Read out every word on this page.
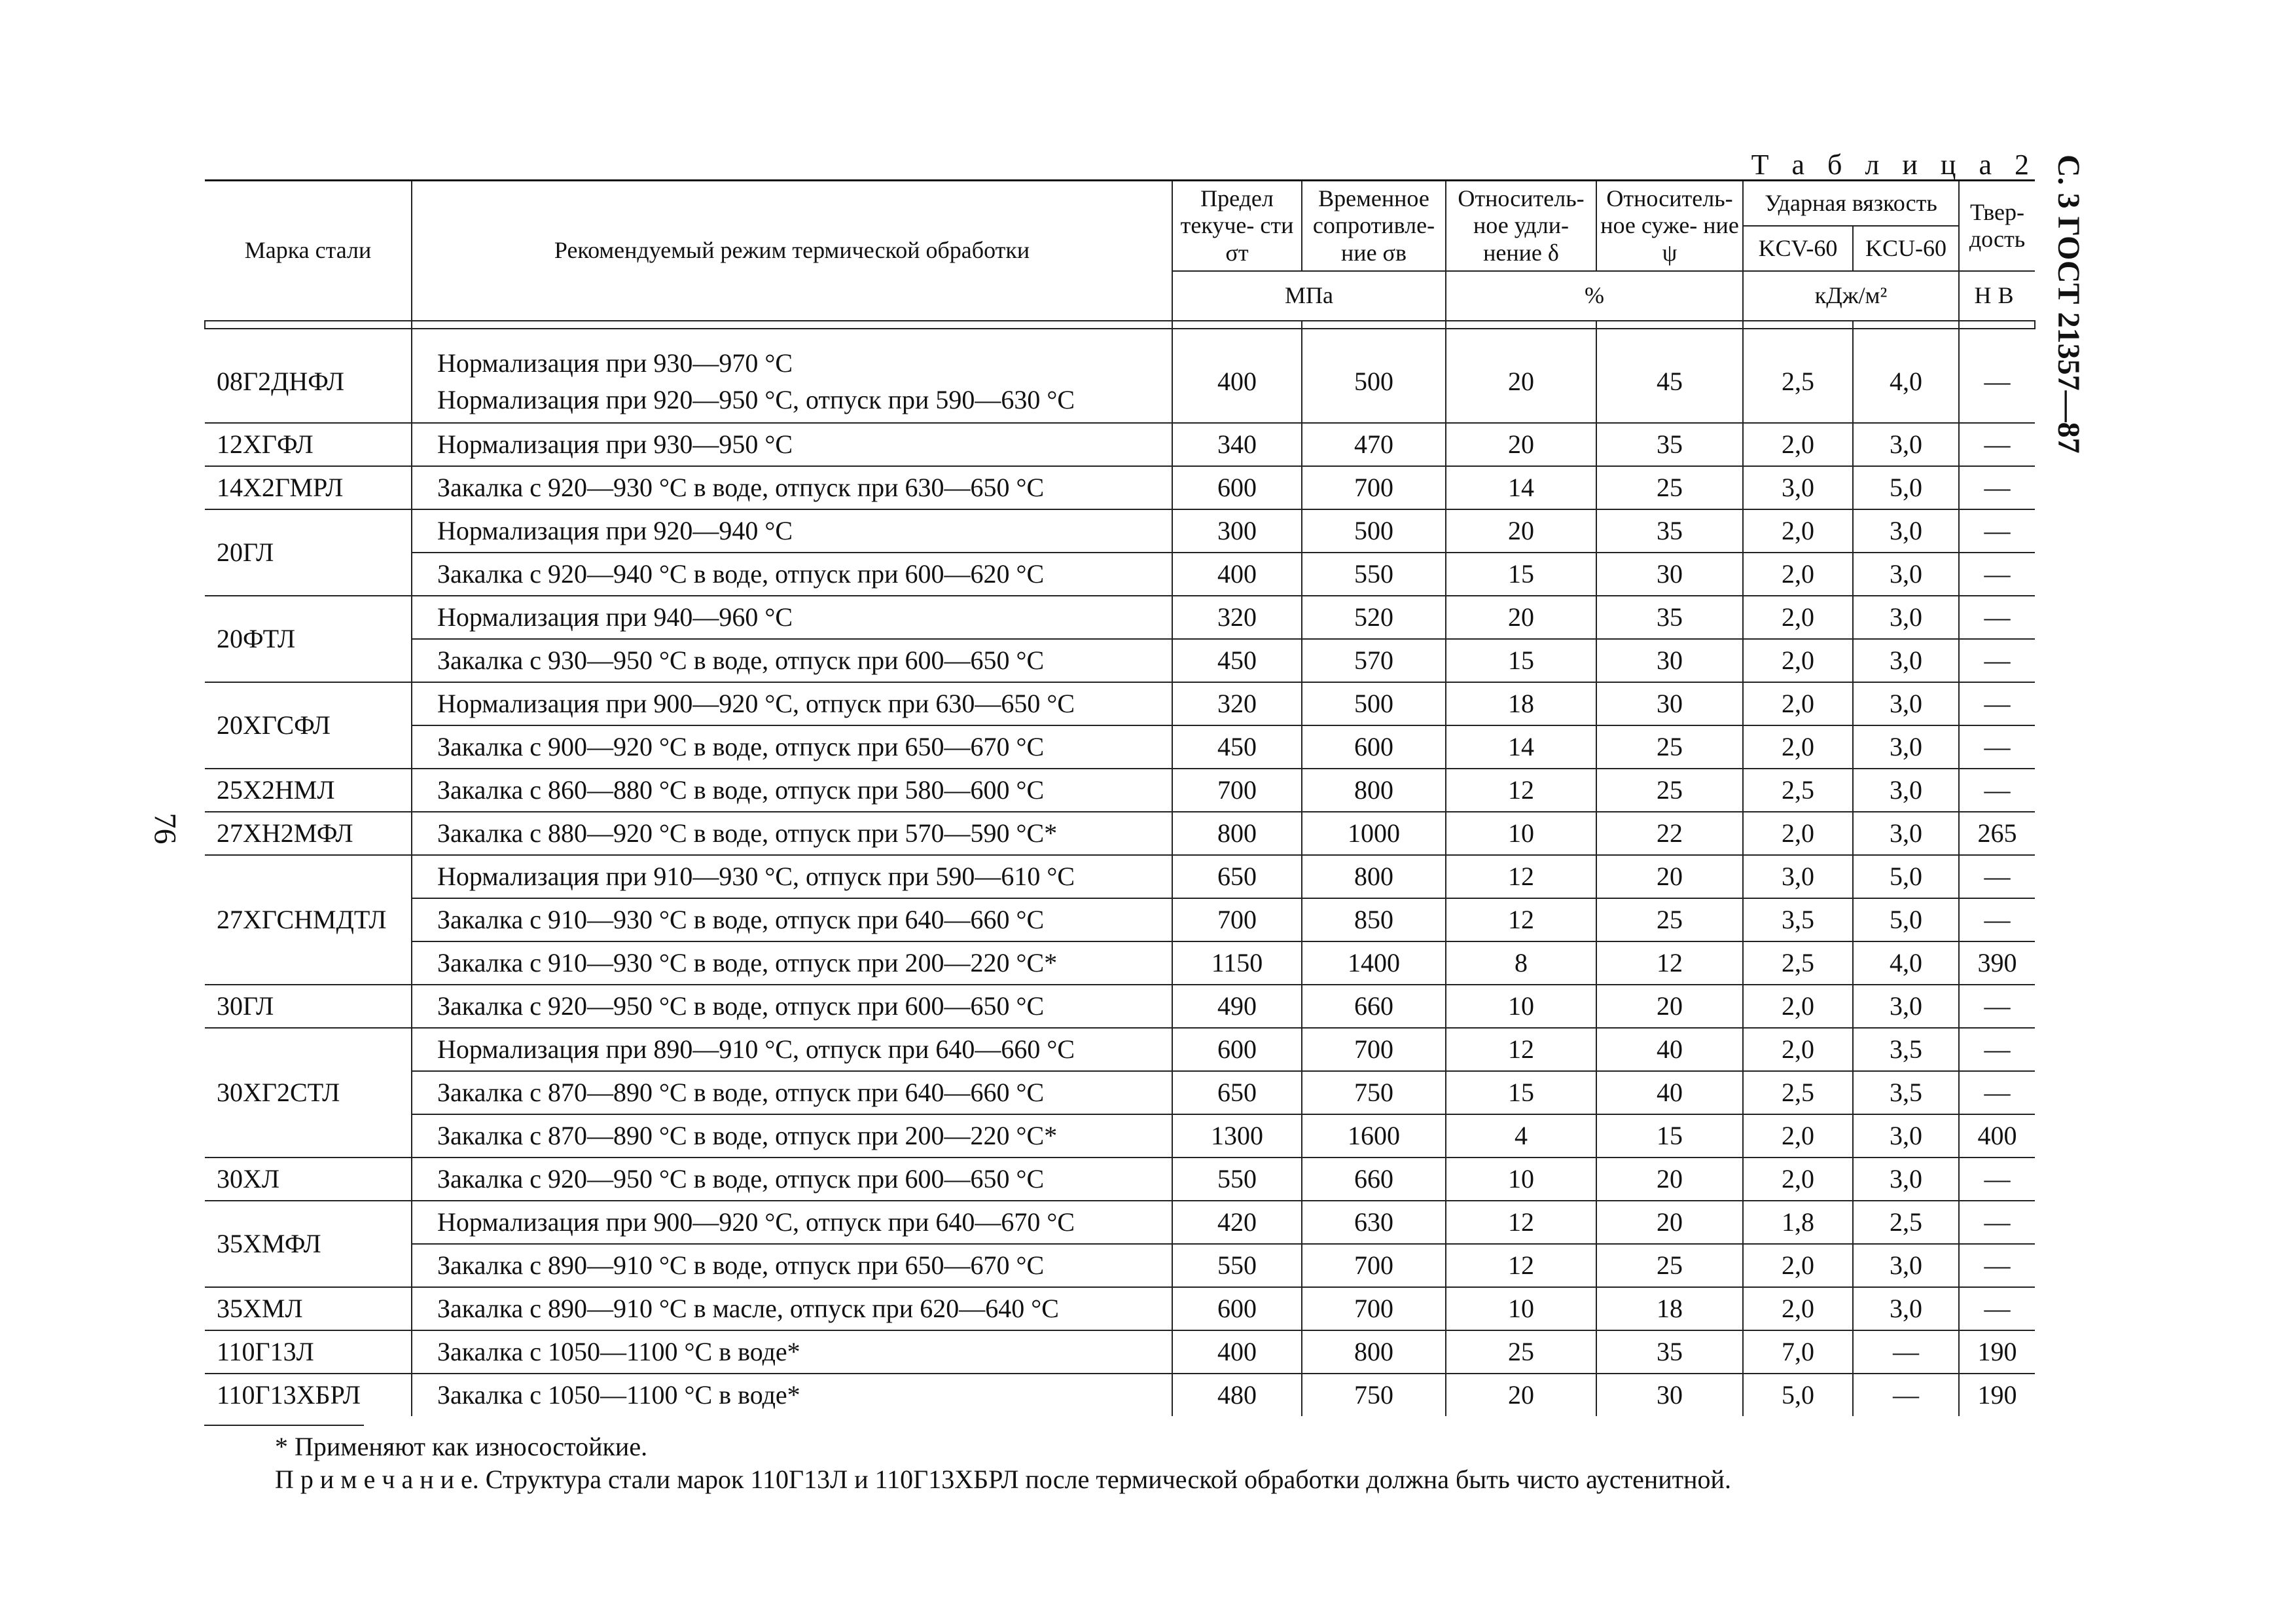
Т а б л и ц а 2 С. 3 ГОСТ 21357—87
76
Марка стали	Рекомендуемый режим термической обработки	Предел текуче- сти σт	Временное сопротивле- ние σв	Относитель- ное удли- нение δ	Относитель- ное суже- ние ψ	Ударная вязкость		Твер- дость
						KCV-60	KCU-60	
		МПа		%		кДж/м²		НВ

08Г2ДНФЛ	Нормализация при 930—970 °С
Нормализация при 920—950 °С, отпуск при 590—630 °С	400	500	20	45	2,5	4,0	—
12ХГФЛ	Нормализация при 930—950 °С	340	470	20	35	2,0	3,0	—
14Х2ГМРЛ	Закалка с 920—930 °С в воде, отпуск при 630—650 °С	600	700	14	25	3,0	5,0	—
20ГЛ	Нормализация при 920—940 °С	300	500	20	35	2,0	3,0	—
	Закалка с 920—940 °С в воде, отпуск при 600—620 °С	400	550	15	30	2,0	3,0	—
20ФТЛ	Нормализация при 940—960 °С	320	520	20	35	2,0	3,0	—
	Закалка с 930—950 °С в воде, отпуск при 600—650 °С	450	570	15	30	2,0	3,0	—
20ХГСФЛ	Нормализация при 900—920 °С, отпуск при 630—650 °С	320	500	18	30	2,0	3,0	—
	Закалка с 900—920 °С в воде, отпуск при 650—670 °С	450	600	14	25	2,0	3,0	—
25Х2НМЛ	Закалка с 860—880 °С в воде, отпуск при 580—600 °С	700	800	12	25	2,5	3,0	—
27ХН2МФЛ	Закалка с 880—920 °С в воде, отпуск при 570—590 °С*	800	1000	10	22	2,0	3,0	265
27ХГСНМДТЛ	Нормализация при 910—930 °С, отпуск при 590—610 °С	650	800	12	20	3,0	5,0	—
	Закалка с 910—930 °С в воде, отпуск при 640—660 °С	700	850	12	25	3,5	5,0	—
	Закалка с 910—930 °С в воде, отпуск при 200—220 °С*	1150	1400	8	12	2,5	4,0	390
30ГЛ	Закалка с 920—950 °С в воде, отпуск при 600—650 °С	490	660	10	20	2,0	3,0	—
30ХГ2СТЛ	Нормализация при 890—910 °С, отпуск при 640—660 °С	600	700	12	40	2,0	3,5	—
	Закалка с 870—890 °С в воде, отпуск при 640—660 °С	650	750	15	40	2,5	3,5	—
	Закалка с 870—890 °С в воде, отпуск при 200—220 °С*	1300	1600	4	15	2,0	3,0	400
30ХЛ	Закалка с 920—950 °С в воде, отпуск при 600—650 °С	550	660	10	20	2,0	3,0	—
35ХМФЛ	Нормализация при 900—920 °С, отпуск при 640—670 °С	420	630	12	20	1,8	2,5	—
	Закалка с 890—910 °С в воде, отпуск при 650—670 °С	550	700	12	25	2,0	3,0	—
35ХМЛ	Закалка с 890—910 °С в масле, отпуск при 620—640 °С	600	700	10	18	2,0	3,0	—
110Г13Л	Закалка с 1050—1100 °С в воде*	400	800	25	35	7,0	—	190
110Г13ХБРЛ	Закалка с 1050—1100 °С в воде*	480	750	20	30	5,0	—	190
* Применяют как износостойкие.
П р и м е ч а н и е. Структура стали марок 110Г13Л и 110Г13ХБРЛ после термической обработки должна быть чисто аустенитной.
